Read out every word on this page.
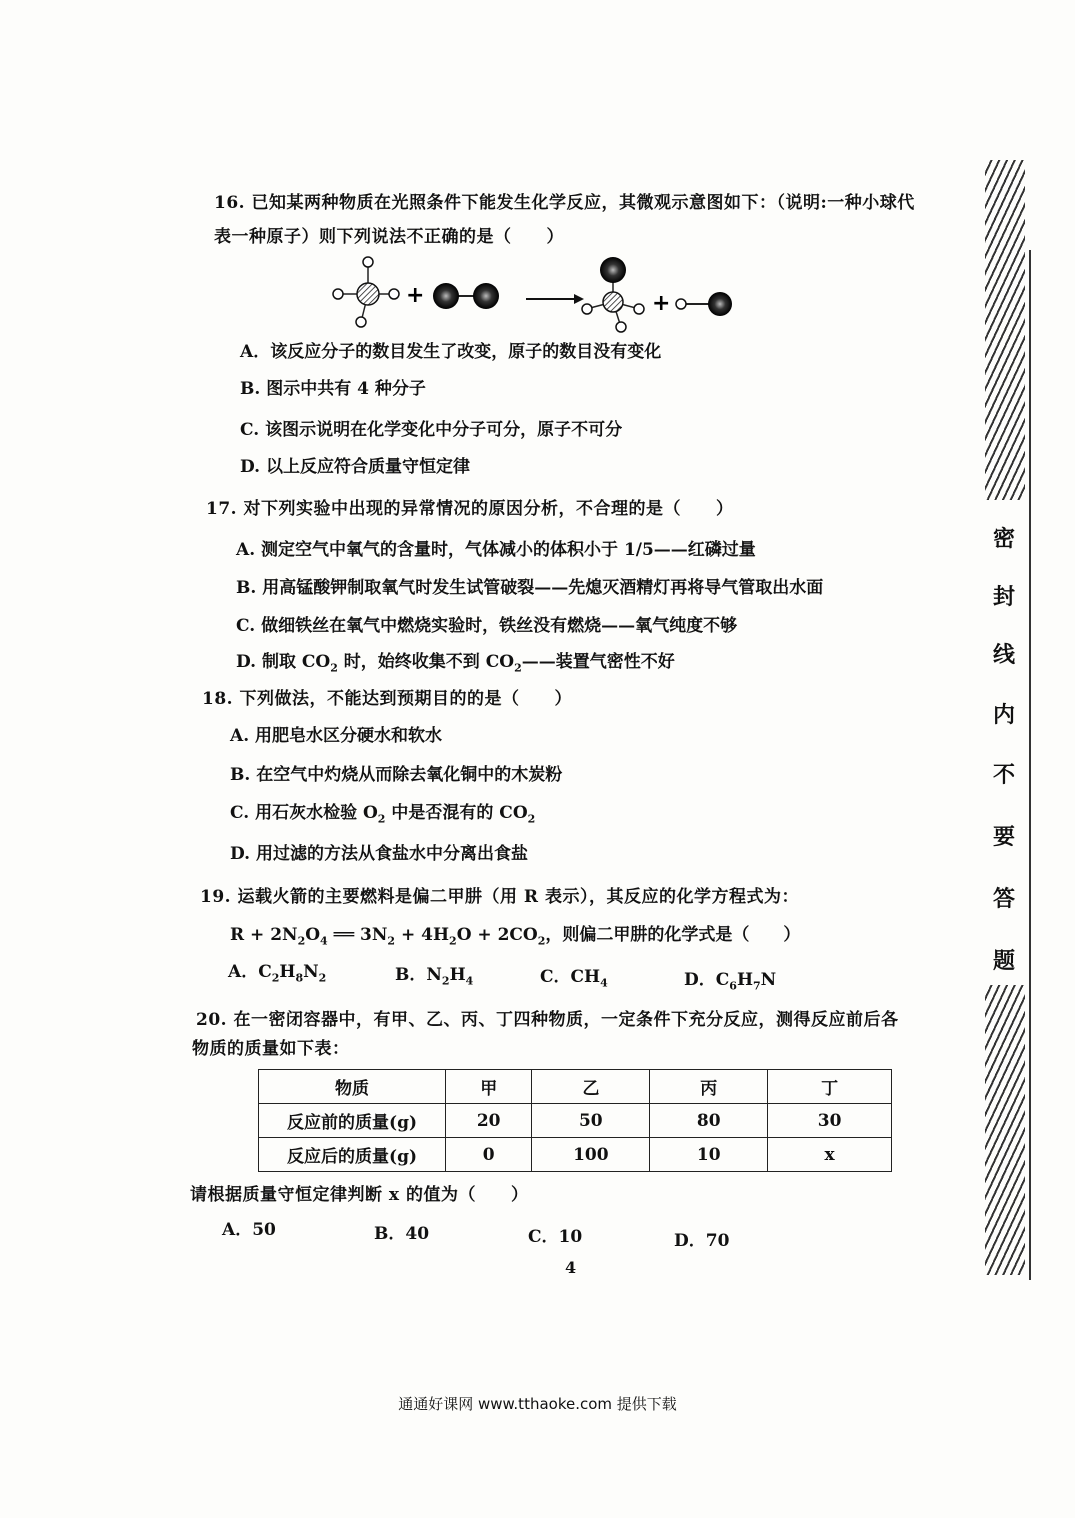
16. 已知某两种物质在光照条件下能发生化学反应，其微观示意图如下：（说明:一种小球代
表一种原子）则下列说法不正确的是（　　）
+	+
A．该反应分子的数目发生了改变，原子的数目没有变化
B. 图示中共有 4 种分子
C. 该图示说明在化学变化中分子可分，原子不可分
D. 以上反应符合质量守恒定律
17. 对下列实验中出现的异常情况的原因分析，不合理的是（　　）
A. 测定空气中氧气的含量时，气体减小的体积小于 1/5——红磷过量
B. 用高锰酸钾制取氧气时发生试管破裂——先熄灭酒精灯再将导气管取出水面
C. 做细铁丝在氧气中燃烧实验时，铁丝没有燃烧——氧气纯度不够
D. 制取 $CO_2$ 时，始终收集不到 $CO_2——$装置气密性不好
18. 下列做法，不能达到预期目的的是（　　）
A. 用肥皂水区分硬水和软水
B. 在空气中灼烧从而除去氧化铜中的木炭粉
C. 用石灰水检验 $O_2$ 中是否混有的 $CO_2$
D. 用过滤的方法从食盐水中分离出食盐
19. 运载火箭的主要燃料是偏二甲肼（用 R 表示），其反应的化学方程式为：
$R + 2N_2O_4$ ══ $3N_2 + 4H_2O + 2CO_2$，则偏二甲肼的化学式是（　　）
A．$C_2H_8N_2$	B．$N_2H_4$	C．$CH_4$	D．$C_6H_7N$
20. 在一密闭容器中，有甲、乙、丙、丁四种物质，一定条件下充分反应，测得反应前后各
物质的质量如下表：
物质	甲	乙	丙	丁
反应前的质量(g)	20	50	80	30
反应后的质量(g)	0	100	10	x
请根据质量守恒定律判断 x 的值为（　　）
A．50	B．40	C．10	D．70
4
密
封
线
内
不
要
答
题
通通好课网 www.tthaoke.com 提供下载
